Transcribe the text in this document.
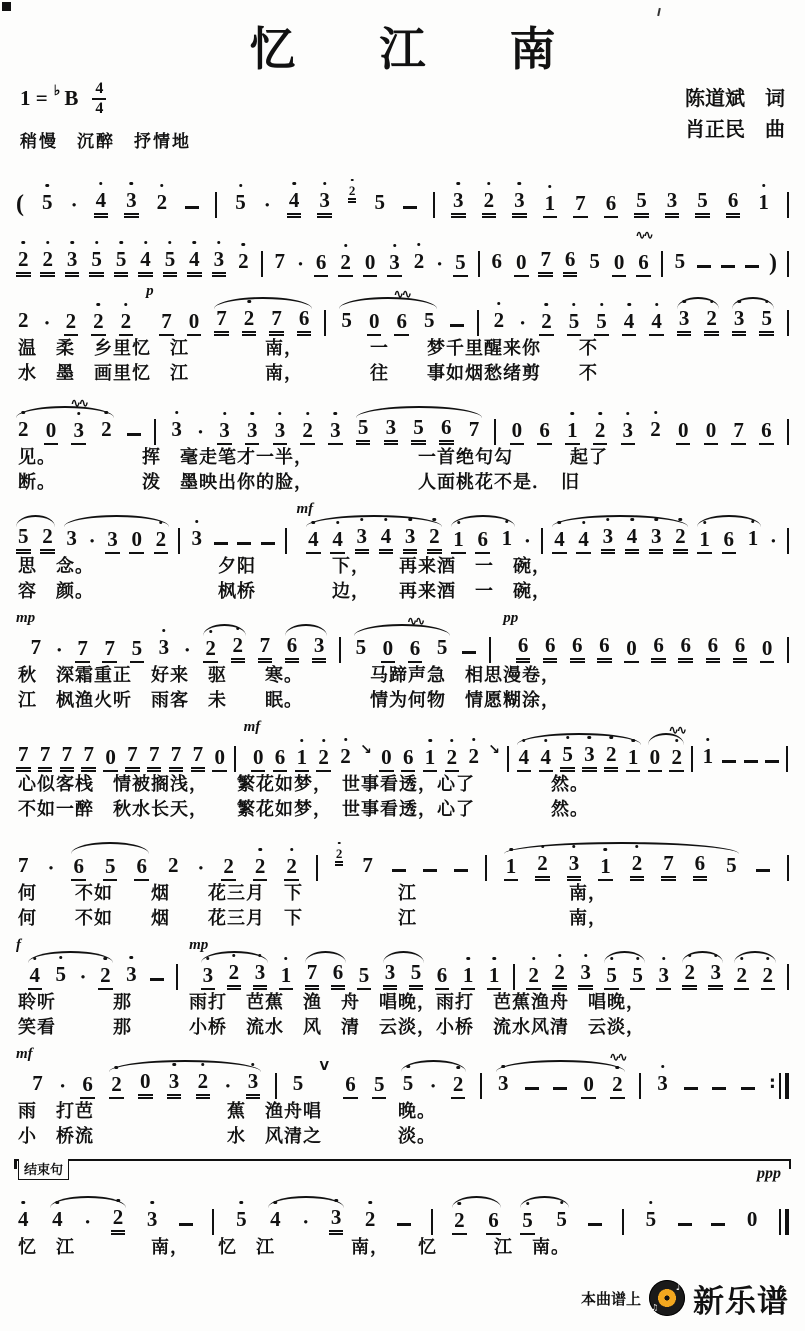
忆 江 南
1 = ♭ B $\frac{4}{4}$
稍慢　沉醉　抒情地
陈道斌　词
肖正民　曲
( 5 · 4 3 2	5 · 4 3 2 5	3 2 3 1 7 6 5 3 5 6 1
2 2 3 5 5 4 5 4 3 2 7 · 6 2 0 3 2 · 5 6 0 7 6 5 0 6 ∿∿ 5	)
2 · 2 2 2
p
7 0 7 2 7 6 5 0 6 ∿∿ 5	2 · 2 5 5 4 4 3 2 3 5
温　柔　乡里忆　江　　　　南，　　　　一　　梦千里醒来你　　不
水　墨　画里忆　江　　　　南，　　　　往　　事如烟愁绪剪　　不
2 0 3 ∿∿ 2	3 · 3 3 3 2 3 5 3 5 6 7 0 6 1 2 3 2 0 0 7 6
见。　　　　　挥　毫走笔才一半，　　　　　　一首绝句勾　　　起了
断。　　　　　泼　墨映出你的脸，　　　　　　人面桃花不是．　旧
5 2 3 · 3 0 2 3
mf
4 4 3 4 3 2 1 6 1 · 4 4 3 4 3 2 1 6 1 ·
思　念。　　　　　　　夕阳　　　　下，　　再来酒　一　碗，
容　颜。　　　　　　　枫桥　　　　边，　　再来酒　一　碗，
mp
7 · 7 7 5 3 · 2 2 7 6 3 5 0 6 ∿∿ 5
pp
6 6 6 6 0 6 6 6 6 0
秋　深霜重正　好来　驱　　寒。　　　　马蹄声急　相思漫卷，
江　枫渔火听　雨客　未　　眠。　　　　情为何物　情愿糊涂，
7 7 7 7 0 7 7 7 7 0
mf
0 6 1 2 2 ↘ 0 6 1 2 2 ↘ 4 4 5 3 2 1 0 2 ∿∿ 1
心似客栈　情被搁浅，　　繁花如梦，　世事看透，心了　　　　然。
不如一醉　秋水长天，　　繁花如梦，　世事看透，心了　　　　然。
7 · 6 5 6 2 · 2 2 2
2 7	1 2 3 1 2 7 6 5
何　　不如　　烟　　花三月　下　　　　　江　　　　　　　　南，
何　　不如　　烟　　花三月　下　　　　　江　　　　　　　　南，
f
4 5 · 2 3
mp
3 2 3 1 7 6 5 3 5 6 1 1 2 2 3 5 5 3 2 3 2 2
聆听　　　那　　　雨打　芭蕉　渔　舟　唱晚，雨打　芭蕉渔舟　唱晚，
笑看　　　那　　　小桥　流水　风　清　云淡，小桥　流水风清　云淡，
mf
7 · 6 2 0 3 2 · 3 5
V
6 5 5 · 2 3	0 2 ∿∿ 3	:
雨　打芭　　　　　　　蕉　渔舟唱　　　　晚。
小　桥流　　　　　　　水　风清之　　　　淡。
结束句	ppp
4 4 · 2 3	5 4 · 3 2	2 6 5 5	5	0
忆　江　　　　南，　　忆　江　　　　南，　　忆　　　江　南。
本曲谱上 ♫ ♪ 新乐谱
